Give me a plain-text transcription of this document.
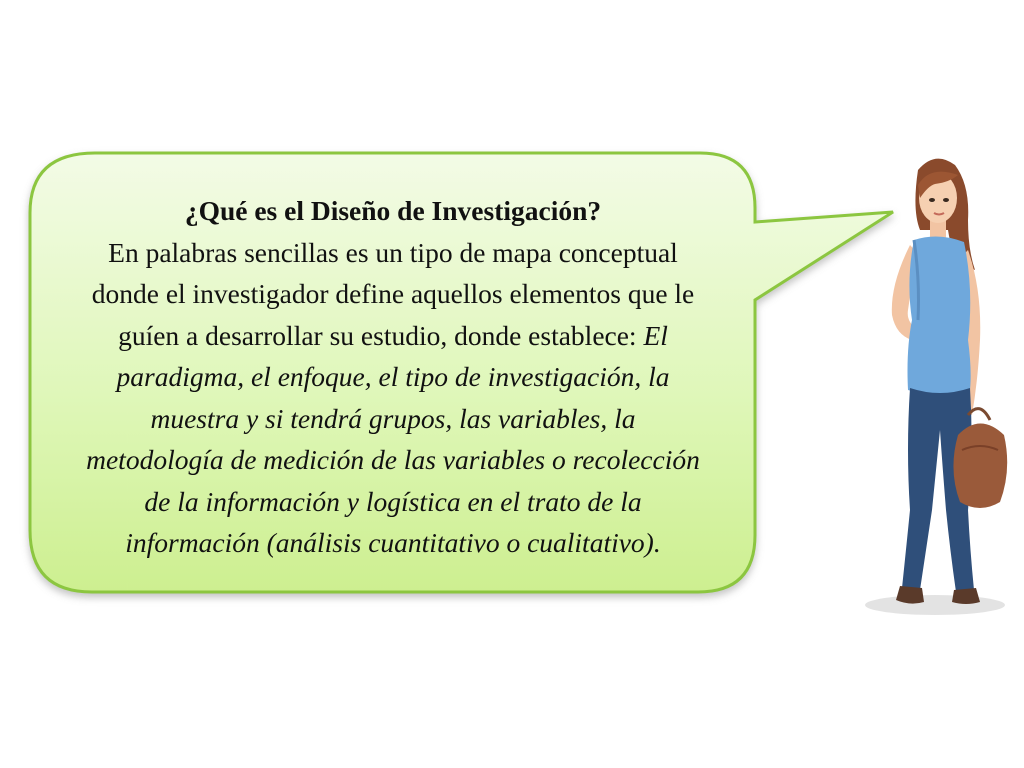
¿Qué es el Diseño de Investigación?
En palabras sencillas es un tipo de mapa conceptual
donde el investigador define aquellos elementos que le
guíen a desarrollar su estudio, donde establece: El
paradigma, el enfoque, el tipo de investigación, la
muestra y si tendrá grupos, las variables, la
metodología de medición de las variables o recolección
de la información y logística en el trato de la
información (análisis cuantitativo o cualitativo).
